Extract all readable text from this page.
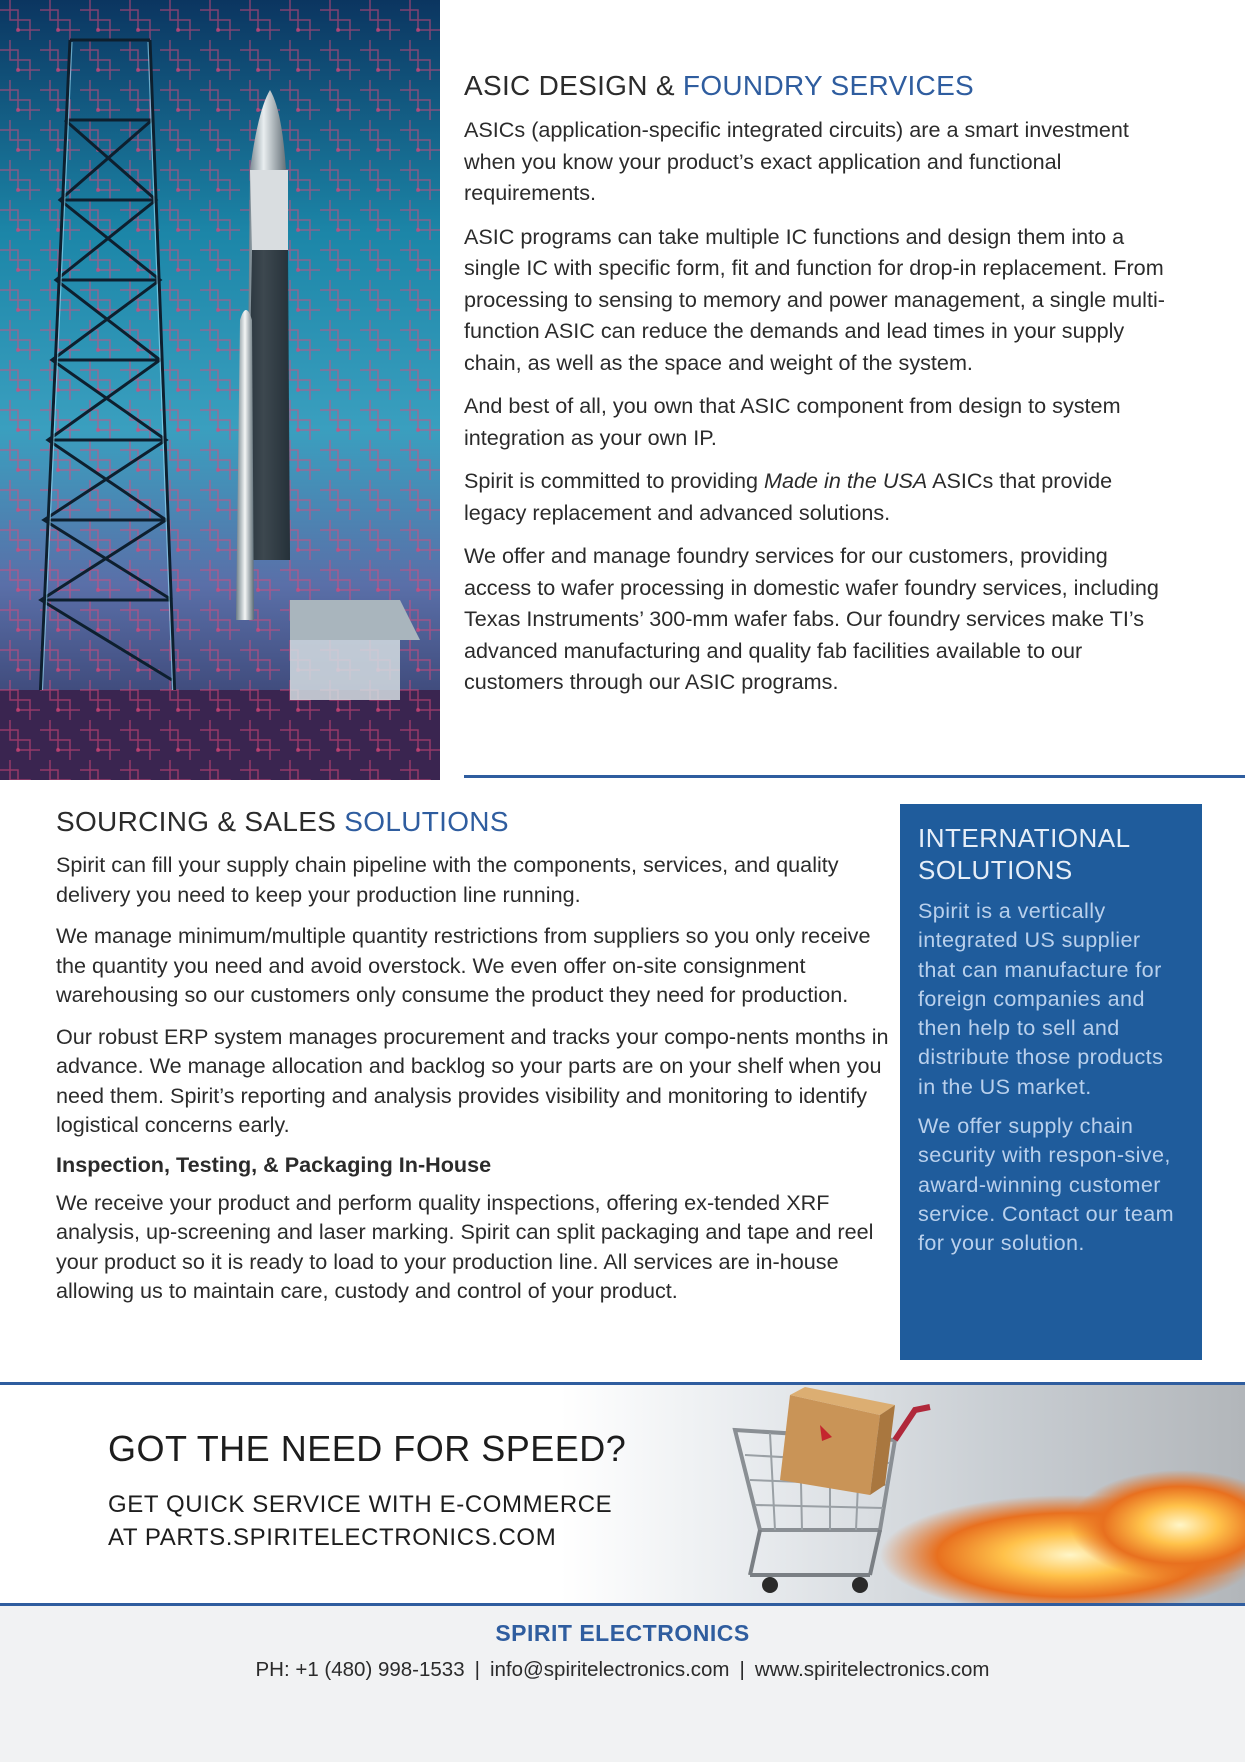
ASIC DESIGN & FOUNDRY SERVICES

ASICs (application-specific integrated circuits) are a smart investment when you know your product’s exact application and functional requirements.

ASIC programs can take multiple IC functions and design them into a single IC with specific form, fit and function for drop-in replacement. From processing to sensing to memory and power management, a single multi-function ASIC can reduce the demands and lead times in your supply chain, as well as the space and weight of the system.

And best of all, you own that ASIC component from design to system integration as your own IP.

Spirit is committed to providing Made in the USA ASICs that provide legacy replacement and advanced solutions.

We offer and manage foundry services for our customers, providing access to wafer processing in domestic wafer foundry services, including Texas Instruments’ 300-mm wafer fabs. Our foundry services make TI’s advanced manufacturing and quality fab facilities available to our customers through our ASIC programs.

SOURCING & SALES SOLUTIONS

Spirit can fill your supply chain pipeline with the components, services, and quality delivery you need to keep your production line running.

We manage minimum/multiple quantity restrictions from suppliers so you only receive the quantity you need and avoid overstock. We even offer on-site consignment warehousing so our customers only consume the product they need for production.

Our robust ERP system manages procurement and tracks your compo-nents months in advance. We manage allocation and backlog so your parts are on your shelf when you need them. Spirit’s reporting and analysis provides visibility and monitoring to identify logistical concerns early.

Inspection, Testing, & Packaging In-House

We receive your product and perform quality inspections, offering ex-tended XRF analysis, up-screening and laser marking. Spirit can split packaging and tape and reel your product so it is ready to load to your production line. All services are in-house allowing us to maintain care, custody and control of your product.

INTERNATIONAL SOLUTIONS

Spirit is a vertically integrated US supplier that can manufacture for foreign companies and then help to sell and distribute those products in the US market.

We offer supply chain security with respon-sive, award-winning customer service. Contact our team for your solution.

GOT THE NEED FOR SPEED?
GET QUICK SERVICE WITH E-COMMERCE
AT PARTS.SPIRITELECTRONICS.COM
SPIRIT ELECTRONICS
PH: +1 (480) 998-1533 | info@spiritelectronics.com | www.spiritelectronics.com
